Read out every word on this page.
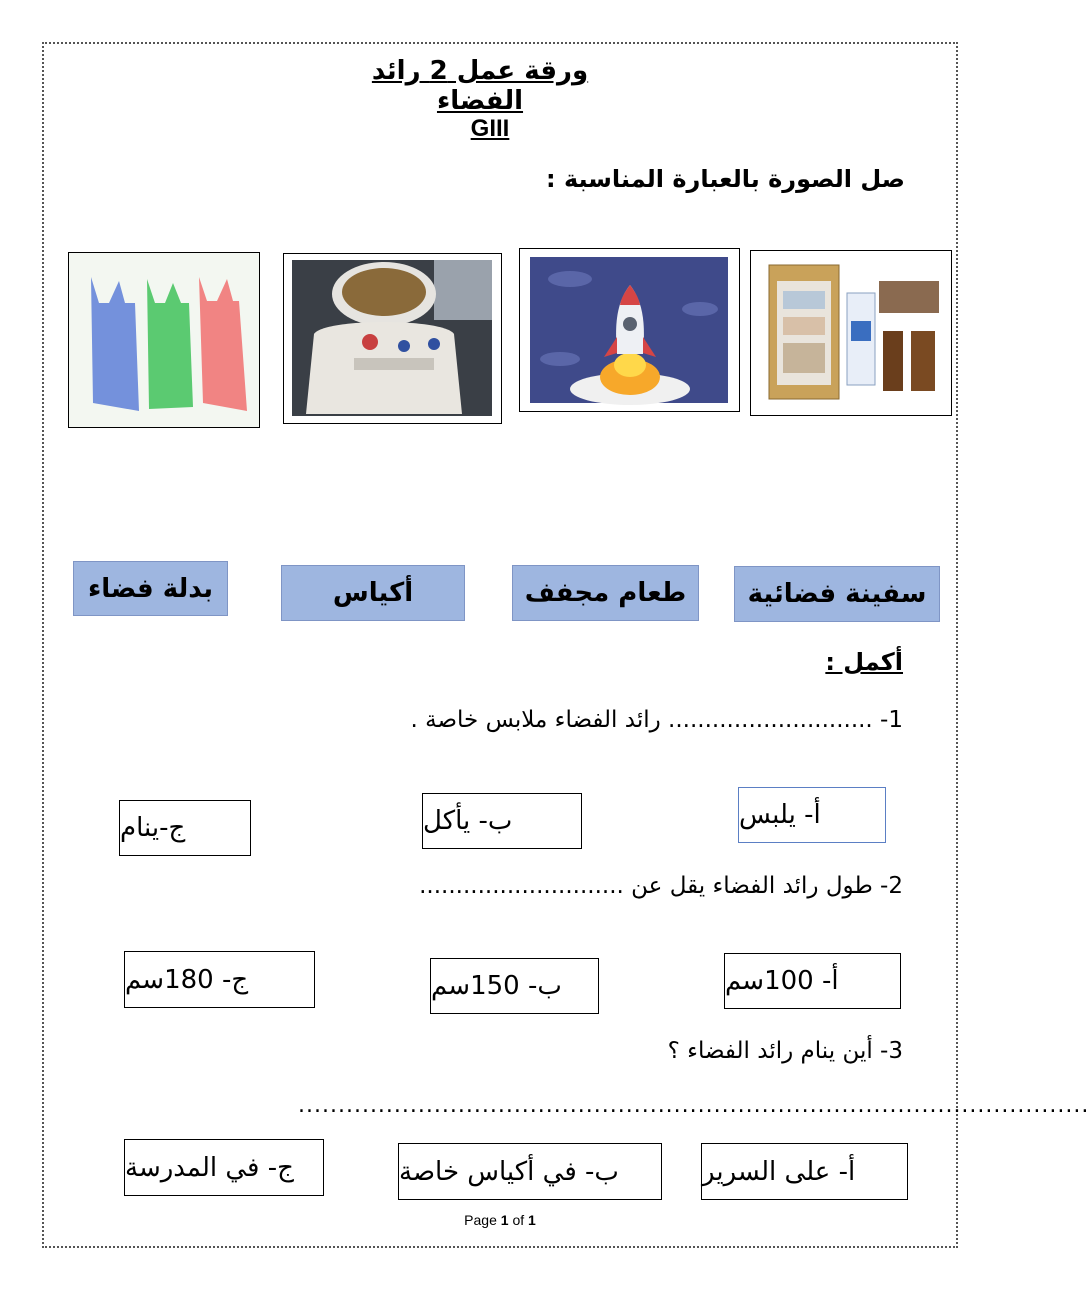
ورقة عمل 2 رائد الفضاء
GIII
صل الصورة بالعبارة المناسبة :
سفينة فضائية
طعام مجفف
أكياس
بدلة فضاء
أكمل :
1- ............................ رائد الفضاء ملابس خاصة .
أ- يلبس
ب- يأكل
ج-ينام
2- طول رائد الفضاء يقل عن ............................
أ- 100سم
ب- 150سم
ج- 180سم
3- أين ينام رائد الفضاء ؟
...................................................................................................
أ- على السرير
ب- في أكياس خاصة
ج- في المدرسة
Page 1 of 1
